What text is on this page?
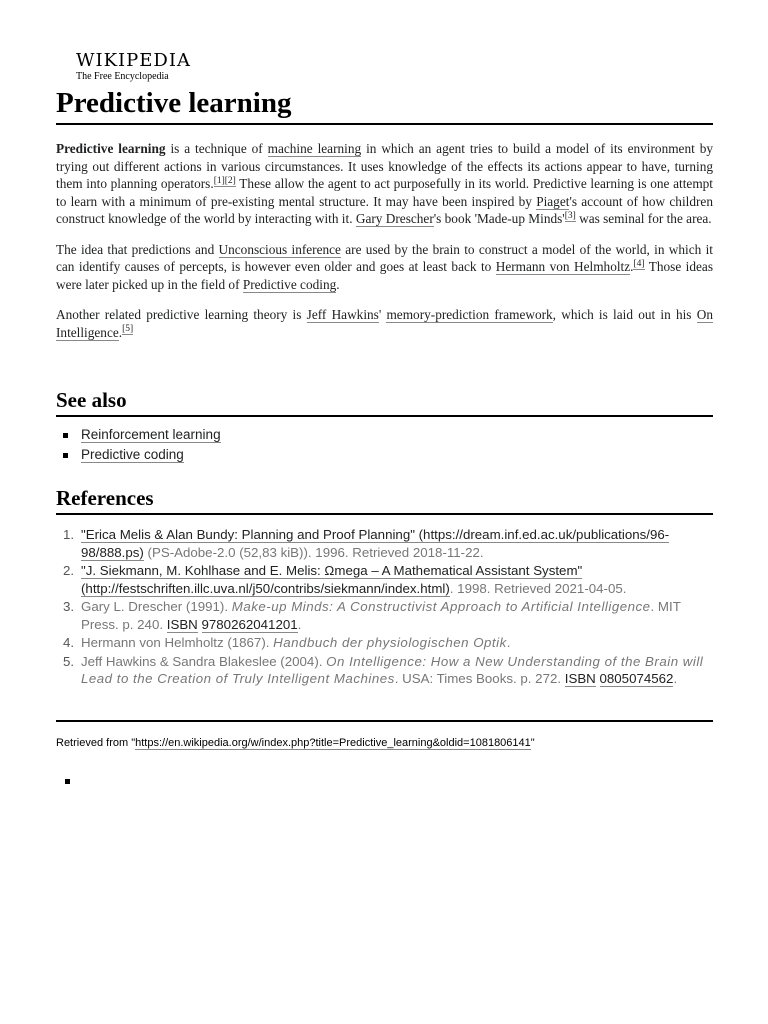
WIKIPEDIA
The Free Encyclopedia
Predictive learning

Predictive learning is a technique of machine learning in which an agent tries to build a model of its environment by trying out different actions in various circumstances. It uses knowledge of the effects its actions appear to have, turning them into planning operators.[1][2] These allow the agent to act purposefully in its world. Predictive learning is one attempt to learn with a minimum of pre-existing mental structure. It may have been inspired by Piaget's account of how children construct knowledge of the world by interacting with it. Gary Drescher's book 'Made-up Minds'[3] was seminal for the area.

The idea that predictions and Unconscious inference are used by the brain to construct a model of the world, in which it can identify causes of percepts, is however even older and goes at least back to Hermann von Helmholtz.[4] Those ideas were later picked up in the field of Predictive coding.

Another related predictive learning theory is Jeff Hawkins' memory-prediction framework, which is laid out in his On Intelligence.[5]

See also
Reinforcement learning
Predictive coding
References
1. "Erica Melis & Alan Bundy: Planning and Proof Planning" (https://dream.inf.ed.ac.uk/publications/96-98/888.ps) (PS-Adobe-2.0 (52,83 kiB)). 1996. Retrieved 2018-11-22.
2. "J. Siekmann, M. Kohlhase and E. Melis: Ωmega – A Mathematical Assistant System" (http://festschriften.illc.uva.nl/j50/contribs/siekmann/index.html). 1998. Retrieved 2021-04-05.
3. Gary L. Drescher (1991). Make-up Minds: A Constructivist Approach to Artificial Intelligence. MIT Press. p. 240. ISBN 9780262041201.
4. Hermann von Helmholtz (1867). Handbuch der physiologischen Optik.
5. Jeff Hawkins & Sandra Blakeslee (2004). On Intelligence: How a New Understanding of the Brain will Lead to the Creation of Truly Intelligent Machines. USA: Times Books. p. 272. ISBN 0805074562.
Retrieved from "https://en.wikipedia.org/w/index.php?title=Predictive_learning&oldid=1081806141"
